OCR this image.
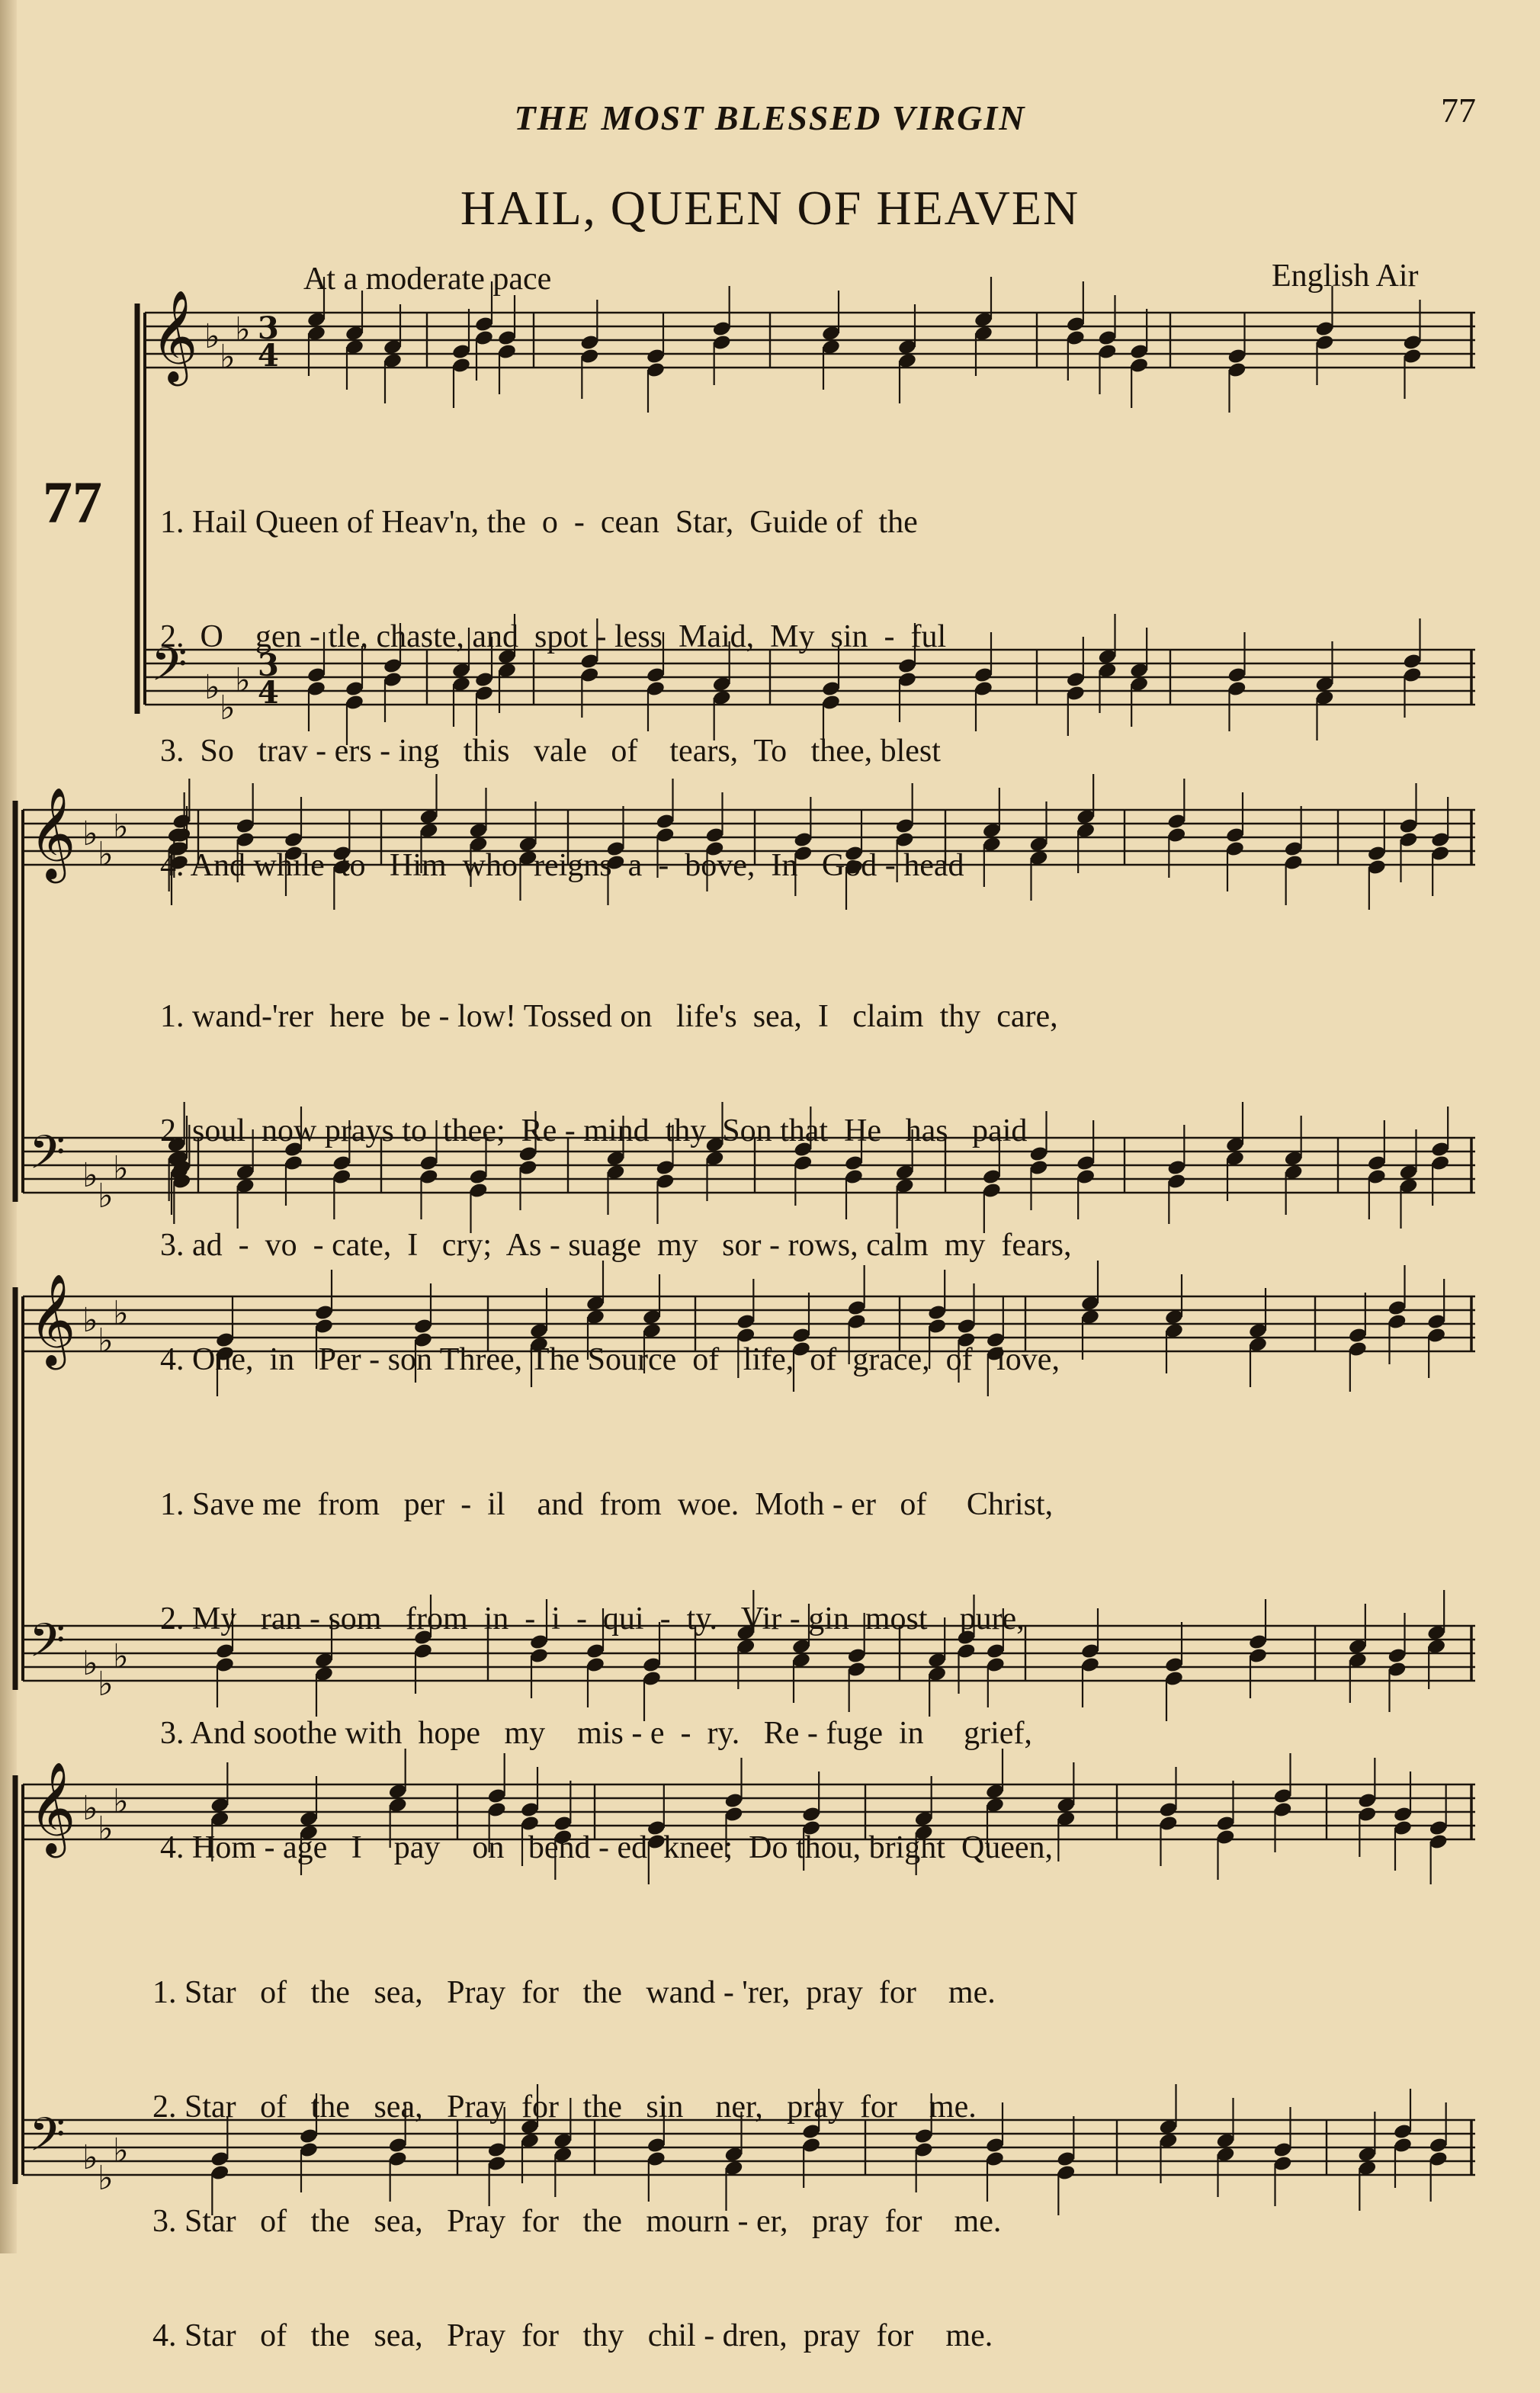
THE MOST BLESSED VIRGIN	77
HAIL, QUEEN OF HEAVEN
At a moderate pace	English Air
77
𝄞 ♭
♭
♭ 3
4
𝄢 ♭
♭
♭ 3
4
𝄞 ♭
♭
♭
𝄢 ♭
♭
♭
𝄞 ♭
♭
♭
𝄢 ♭
♭
♭
𝄞 ♭
♭
♭
𝄢 ♭
♭
♭

1. Hail Queen of Heav'n, the  o  -  cean  Star,  Guide of  the

2.  O    gen - tle, chaste, and  spot - less  Maid,  My  sin  -  ful

3.  So   trav - ers - ing   this   vale   of    tears,  To   thee, blest

4. And while  to   Him  who  reigns  a  -  bove,  In   God - head

1. wand-'rer  here  be - low! Tossed on   life's  sea,  I   claim  thy  care,

2. soul  now prays to  thee;  Re - mind  thy  Son that  He   has   paid

3. ad  -  vo  - cate,  I   cry;  As - suage  my   sor - rows, calm  my  fears,

4. One,  in   Per - son Three, The Source  of   life,  of  grace,  of   love,

1. Save me  from   per  -  il    and  from  woe.  Moth - er   of     Christ,

2. My   ran - som   from  in  -  i  -  qui  -  ty.   Vir - gin  most    pure,

3. And soothe with  hope   my    mis - e  -  ry.   Re - fuge  in     grief,

4. Hom - age   I    pay    on   bend - ed  knee;  Do thou, bright  Queen,

1. Star   of   the   sea,   Pray  for   the   wand - 'rer,  pray  for    me.

2. Star   of   the   sea,   Pray  for   the   sin    ner,   pray  for    me.

3. Star   of   the   sea,   Pray  for   the   mourn - er,   pray  for    me.

4. Star   of   the   sea,   Pray  for   thy   chil - dren,  pray  for    me.
